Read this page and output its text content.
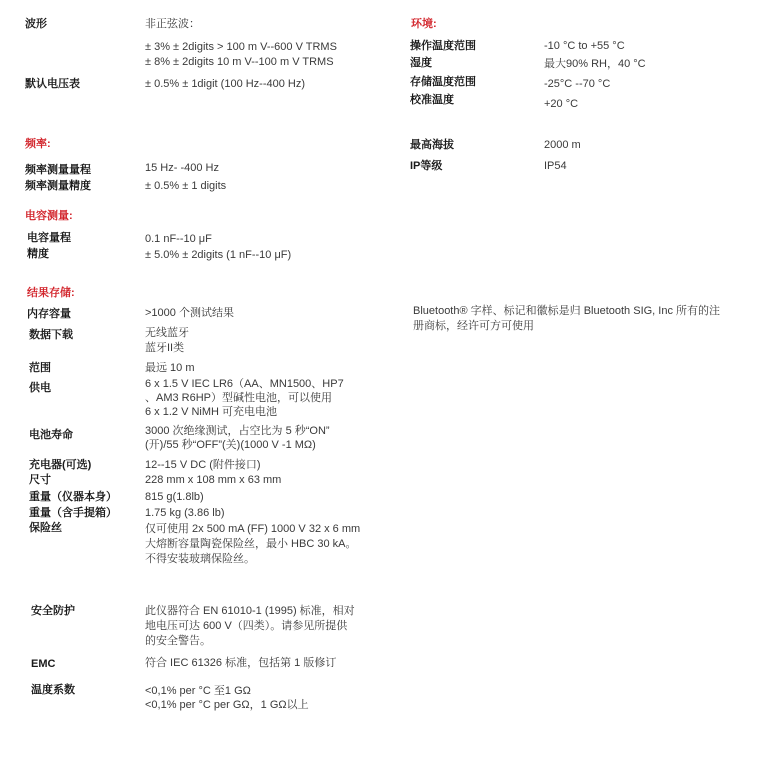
波形	非正弦波：
± 3% ± 2digits > 100 m V--600 V TRMS
± 8% ± 2digits 10 m V--100 m V TRMS
默认电压表	± 0.5% ± 1digit (100 Hz--400 Hz)
频率:
频率测量量程	15 Hz- -400 Hz
频率测量精度	± 0.5% ± 1 digits
电容测量:
电容量程	0.1 nF--10 μF
精度	± 5.0% ± 2digits (1 nF--10 μF)
结果存储:
内存容量	>1000 个测试结果
数据下载	无线蓝牙
蓝牙II类
范围	最远 10 m
供电	6 x 1.5 V IEC LR6（AA、MN1500、HP7
、AM3 R6HP）型碱性电池，可以使用
6 x 1.2 V NiMH 可充电电池
电池寿命	3000 次绝缘测试，占空比为 5 秒“ON”
(开)/55 秒“OFF”(关)(1000 V -1 MΩ)
充电器(可选)	12--15 V DC (附件接口)
尺寸	228 mm x 108 mm x 63 mm
重量（仪器本身）	815 g(1.8lb)
重量（含手提箱）	1.75 kg (3.86 lb)
保险丝	仅可使用 2x 500 mA (FF) 1000 V 32 x 6 mm
大熔断容量陶瓷保险丝，最小 HBC 30 kA。
不得安装玻璃保险丝。
安全防护	此仪器符合 EN 61010-1 (1995) 标准，相对
地电压可达 600 V（四类）。请参见所提供
的安全警告。
EMC	符合 IEC 61326 标准，包括第 1 版修订
温度系数	<0,1% per °C 至1 GΩ
<0,1% per °C per GΩ，1 GΩ以上
环境:
操作温度范围	-10 °C to +55 °C
湿度	最大90% RH，40 °C
存储温度范围	-25°C --70 °C
校准温度	+20 °C
最高海拔	2000 m
IP等级	IP54
Bluetooth® 字样、标记和徽标是归 Bluetooth SIG, Inc 所有的注
册商标，经许可方可使用
